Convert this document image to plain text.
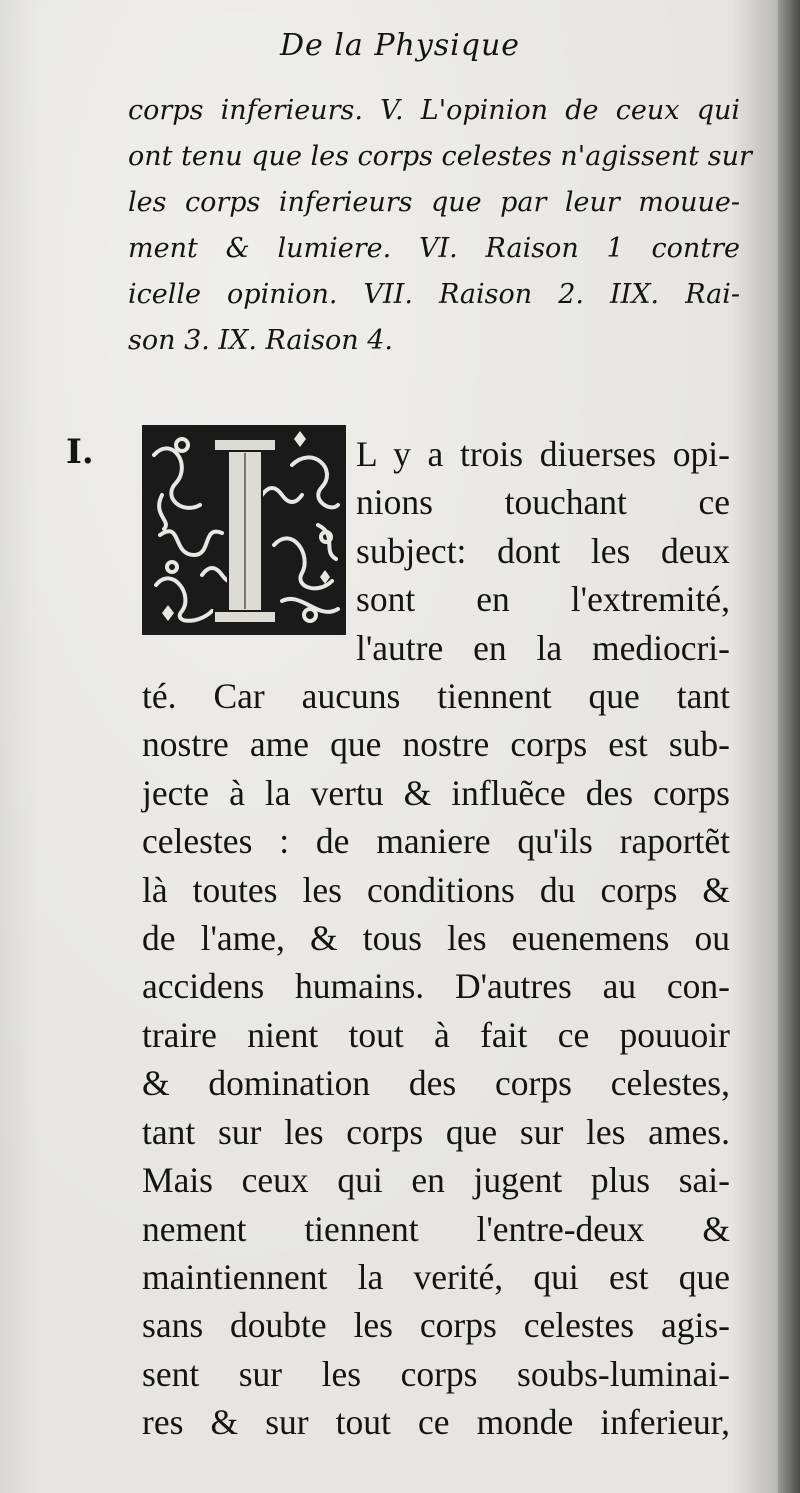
De la Physique
corps inferieurs. V. L'opinion de ceux qui
ont tenu que les corps celestes n'agissent sur
les corps inferieurs que par leur mouue-
ment & lumiere. VI. Raison 1 contre
icelle opinion. VII. Raison 2. IIX. Rai-
son 3. IX. Raison 4.
I.	L y a trois diuerses opi-
nions touchant ce
subject: dont les deux
sont en l'extremité,
l'autre en la mediocri-
té. Car aucuns tiennent que tant
nostre ame que nostre corps est sub-
jecte à la vertu & influẽce des corps
celestes : de maniere qu'ils raportẽt
là toutes les conditions du corps &
de l'ame, & tous les euenemens ou
accidens humains. D'autres au con-
traire nient tout à fait ce pouuoir
& domination des corps celestes,
tant sur les corps que sur les ames.
Mais ceux qui en jugent plus sai-
nement tiennent l'entre-deux &
maintiennent la verité, qui est que
sans doubte les corps celestes agis-
sent sur les corps soubs-luminai-
res & sur tout ce monde inferieur,
